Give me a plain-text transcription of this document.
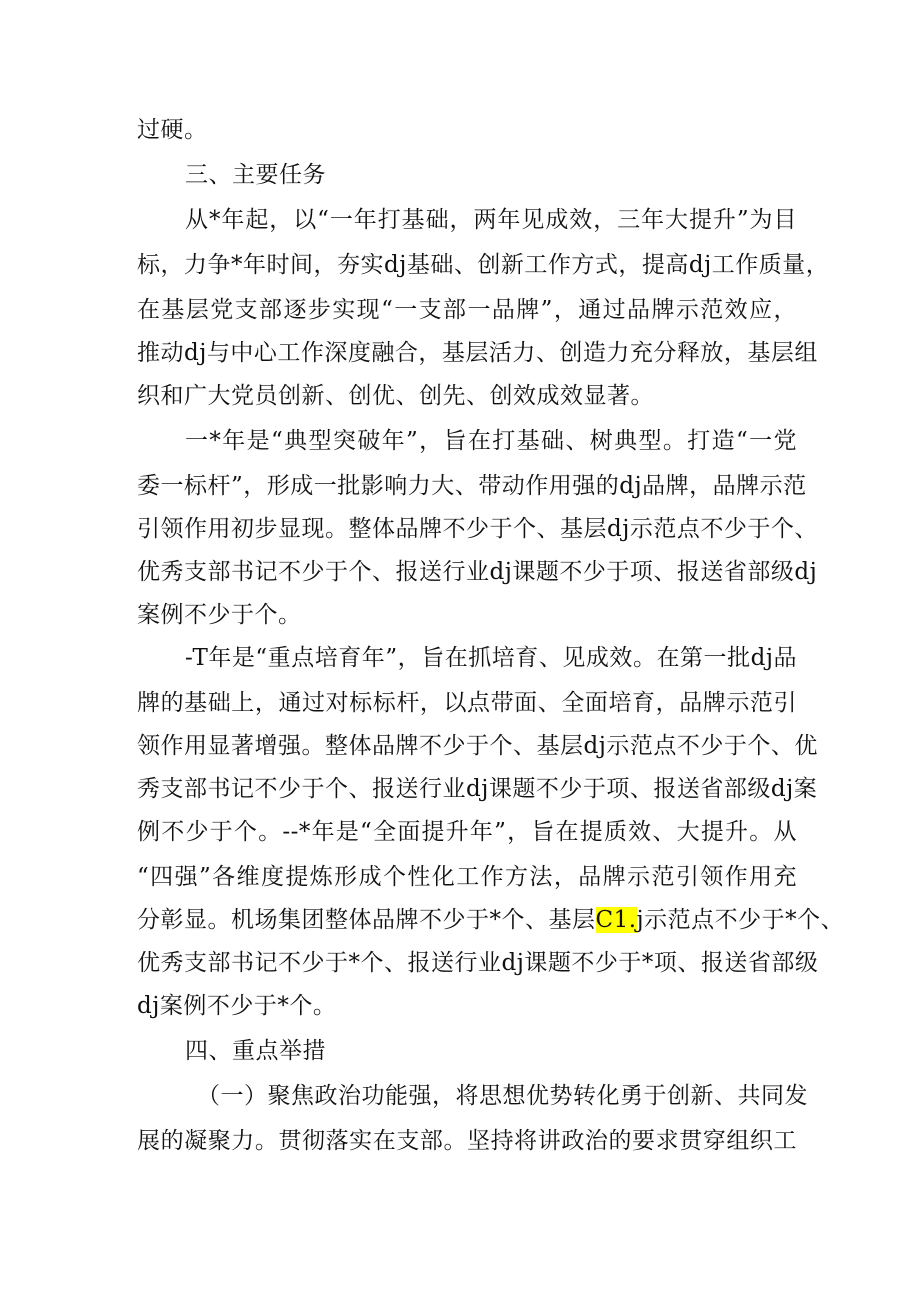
过硬。
三、主要任务
从*年起，以“一年打基础，两年见成效，三年大提升”为目
标，力争*年时间，夯实dj基础、创新工作方式，提高dj工作质量，
在基层党支部逐步实现“一支部一品牌”，通过品牌示范效应，
推动dj与中心工作深度融合，基层活力、创造力充分释放，基层组
织和广大党员创新、创优、创先、创效成效显著。
一*年是“典型突破年”，旨在打基础、树典型。打造“一党
委一标杆”，形成一批影响力大、带动作用强的dj品牌，品牌示范
引领作用初步显现。整体品牌不少于个、基层dj示范点不少于个、
优秀支部书记不少于个、报送行业dj课题不少于项、报送省部级dj
案例不少于个。
-T年是“重点培育年”，旨在抓培育、见成效。在第一批dj品
牌的基础上，通过对标标杆，以点带面、全面培育，品牌示范引
领作用显著增强。整体品牌不少于个、基层dj示范点不少于个、优
秀支部书记不少于个、报送行业dj课题不少于项、报送省部级dj案
例不少于个。--*年是“全面提升年”，旨在提质效、大提升。从
“四强”各维度提炼形成个性化工作方法，品牌示范引领作用充
分彰显。机场集团整体品牌不少于*个、基层C1.j示范点不少于*个、
优秀支部书记不少于*个、报送行业dj课题不少于*项、报送省部级
dj案例不少于*个。
四、重点举措
（一）聚焦政治功能强，将思想优势转化勇于创新、共同发
展的凝聚力。贯彻落实在支部。坚持将讲政治的要求贯穿组织工
